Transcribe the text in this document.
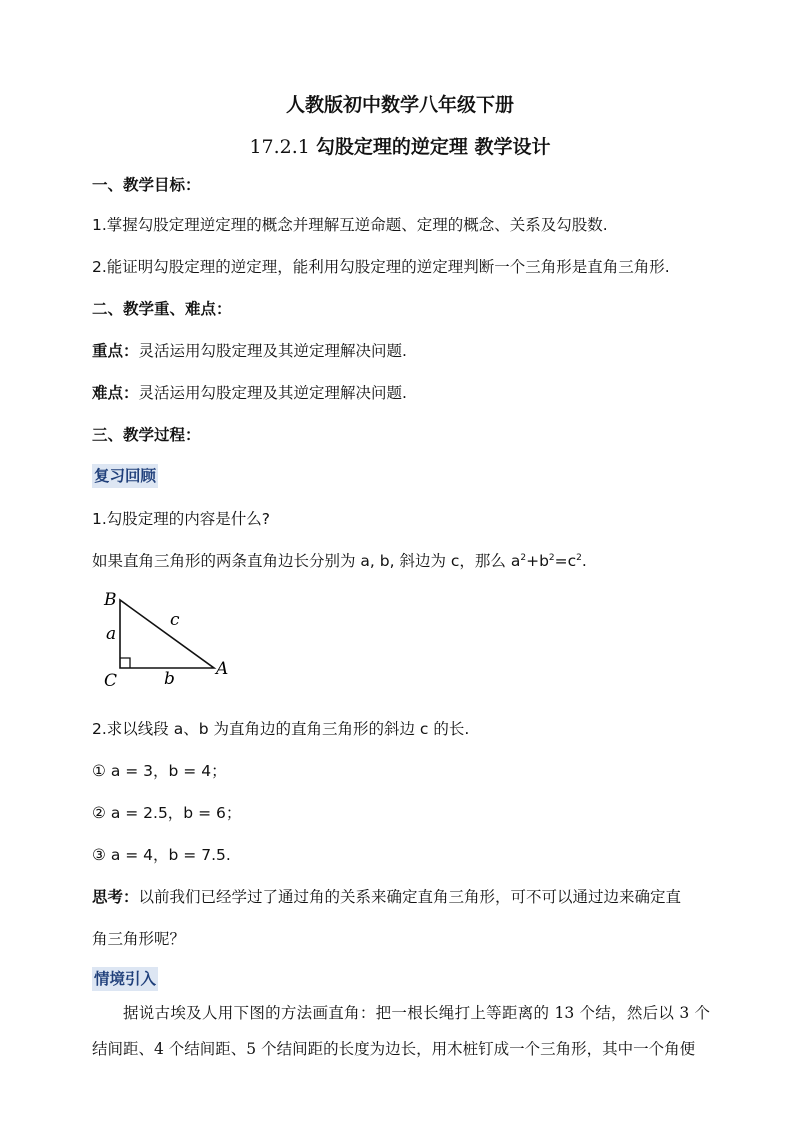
人教版初中数学八年级下册
17.2.1 勾股定理的逆定理 教学设计
一、教学目标：
1.掌握勾股定理逆定理的概念并理解互逆命题、定理的概念、关系及勾股数.
2.能证明勾股定理的逆定理，能利用勾股定理的逆定理判断一个三角形是直角三角形.
二、教学重、难点：
重点：灵活运用勾股定理及其逆定理解决问题.
难点：灵活运用勾股定理及其逆定理解决问题.
三、教学过程：
复习回顾
1.勾股定理的内容是什么?
如果直角三角形的两条直角边长分别为 a, b, 斜边为 c，那么 $a^2+b^2=c^2$.
B
C
A
a
b
c
2.求以线段 a、b 为直角边的直角三角形的斜边 c 的长.
① a = 3，b = 4；
② a = 2.5，b = 6；
③ a = 4，b = 7.5.
思考：以前我们已经学过了通过角的关系来确定直角三角形，可不可以通过边来确定直
角三角形呢？
情境引入
据说古埃及人用下图的方法画直角：把一根长绳打上等距离的 13 个结，然后以 3 个结间距、4 个结间距、5 个结间距的长度为边长，用木桩钉成一个三角形，其中一个角便
